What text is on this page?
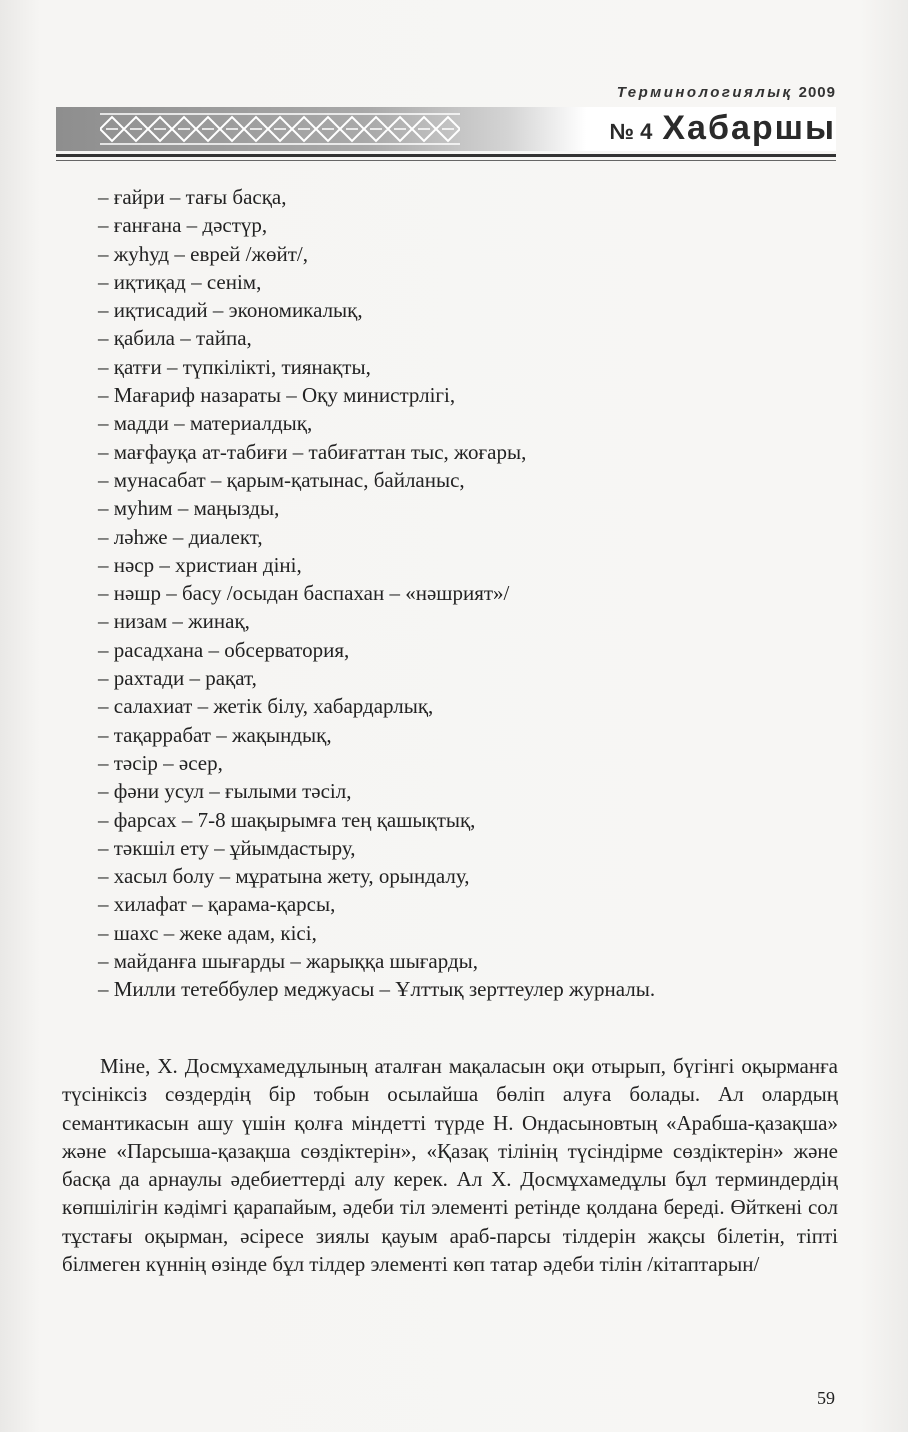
Терминологиялық 2009
№ 4 Хабаршы
– ғайри – тағы басқа,
– ғанғана – дәстүр,
– жуһуд – еврей /жөйт/,
– иқтиқад – сенім,
– иқтисадий – экономикалық,
– қабила – тайпа,
– қатғи – түпкілікті, тиянақты,
– Мағариф назараты – Оқу министрлігі,
– мадди – материалдық,
– мағфауқа ат-табиғи – табиғаттан тыс, жоғары,
– мунасабат – қарым-қатынас, байланыс,
– муһим – маңызды,
– ләһже – диалект,
– нәср – христиан діні,
– нәшр – басу /осыдан баспахан – «нәшрият»/
– низам – жинақ,
– расадхана – обсерватория,
– рахтади – рақат,
– салахиат – жетік білу, хабардарлық,
– тақаррабат – жақындық,
– тәсір – әсер,
– фәни усул – ғылыми тәсіл,
– фарсах – 7-8 шақырымға тең қашықтық,
– тәкшіл ету – ұйымдастыру,
– хасыл болу – мұратына жету, орындалу,
– хилафат – қарама-қарсы,
– шахс – жеке адам, кісі,
– майданға шығарды – жарыққа шығарды,
– Милли тетеббулер меджуасы – Ұлттық зерттеулер журналы.

Міне, Х. Досмұхамедұлының аталған мақаласын оқи отырып, бүгінгі оқырманға түсініксіз сөздердің бір тобын осылайша бөліп алуға болады. Ал олардың семантикасын ашу үшін қолға міндетті түрде Н. Ондасыновтың «Арабша-қазақша» және «Парсыша-қазақша сөздіктерін», «Қазақ тілінің түсіндірме сөздіктерін» және басқа да арнаулы әдебиеттерді алу керек. Ал Х. Досмұхамедұлы бұл терминдердің көпшілігін кәдімгі қарапайым, әдеби тіл элементі ретінде қолдана береді. Өйткені сол тұстағы оқырман, әсіресе зиялы қауым араб-парсы тілдерін жақсы білетін, тіпті білмеген күннің өзінде бұл тілдер элементі көп татар әдеби тілін /кітаптарын/

59
